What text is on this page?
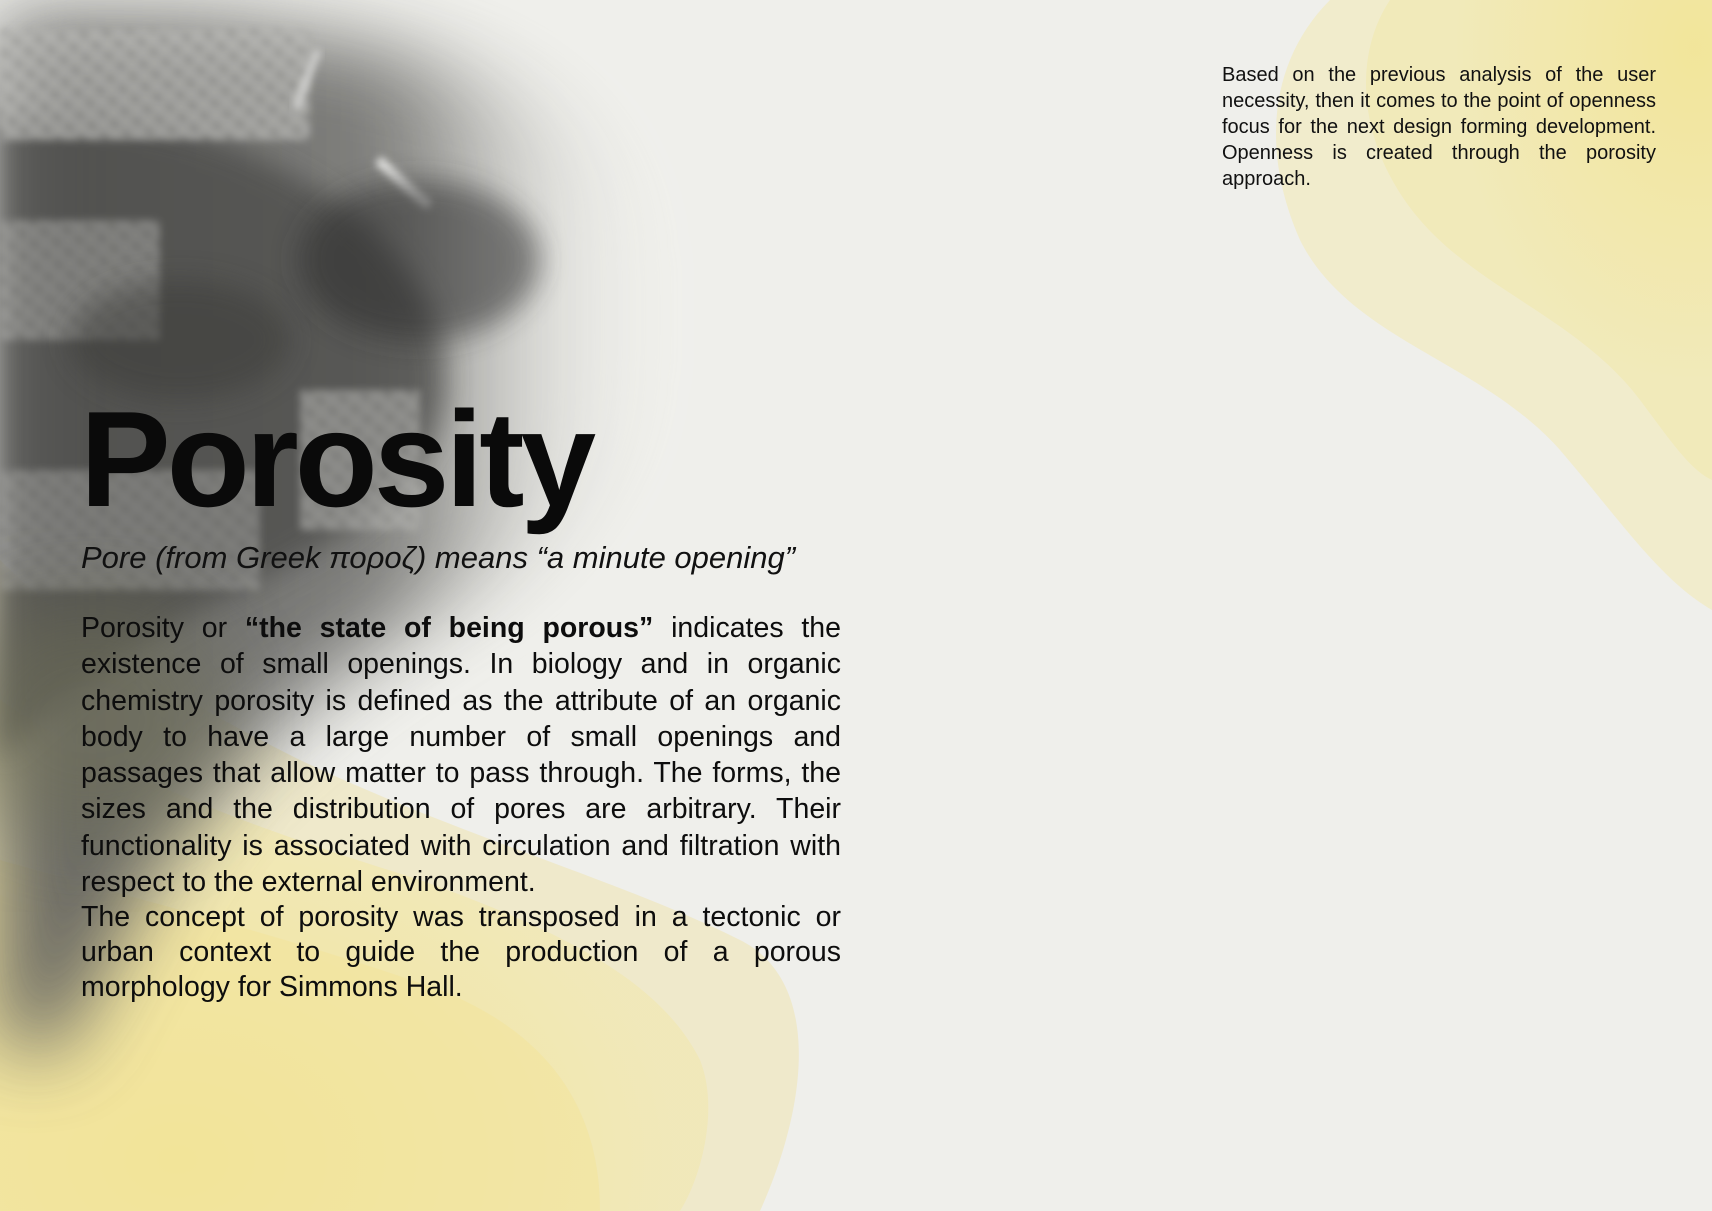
Based on the previous analysis of the user necessity, then it comes to the point of openness focus for the next design forming development. Openness is created through the porosity approach.
Porosity

Pore (from Greek ποροζ) means “a minute opening”

Porosity or “the state of being porous” indicates the existence of small openings. In biology and in organic chemistry porosity is defined as the attribute of an organic body to have a large number of small openings and passages that allow matter to pass through. The forms, the sizes and the distribution of pores are arbitrary. Their functionality is associated with circulation and filtration with respect to the external environment.

The concept of porosity was transposed in a tectonic or urban context to guide the production of a porous morphology for Simmons Hall.
